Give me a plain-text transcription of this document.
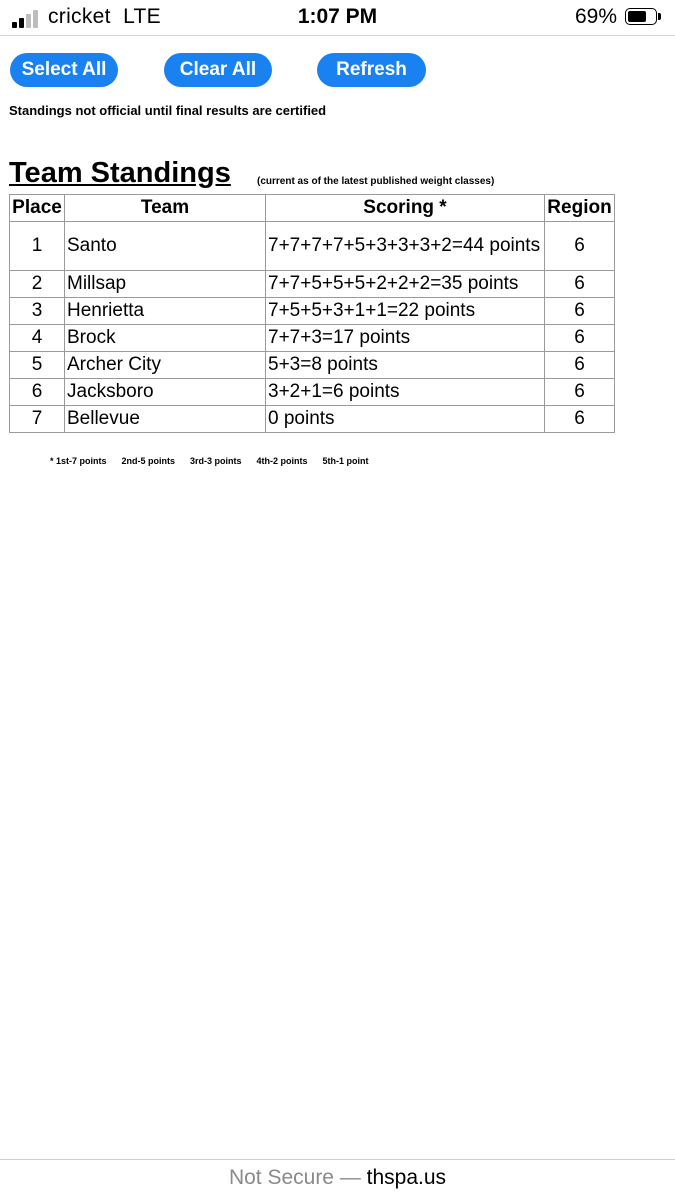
cricket LTE	1:07 PM	69%
Select All	Clear All	Refresh
Standings not official until final results are certified
Team Standings	(current as of the latest published weight classes)
Place	Team	Scoring *	Region
1	Santo	7+7+7+7+5+3+3+3+2=44 points	6
2	Millsap	7+7+5+5+5+2+2+2=35 points	6
3	Henrietta	7+5+5+3+1+1=22 points	6
4	Brock	7+7+3=17 points	6
5	Archer City	5+3=8 points	6
6	Jacksboro	3+2+1=6 points	6
7	Bellevue	0 points	6
* 1st-7 points      2nd-5 points      3rd-3 points      4th-2 points      5th-1 point
Not Secure — thspa.us
